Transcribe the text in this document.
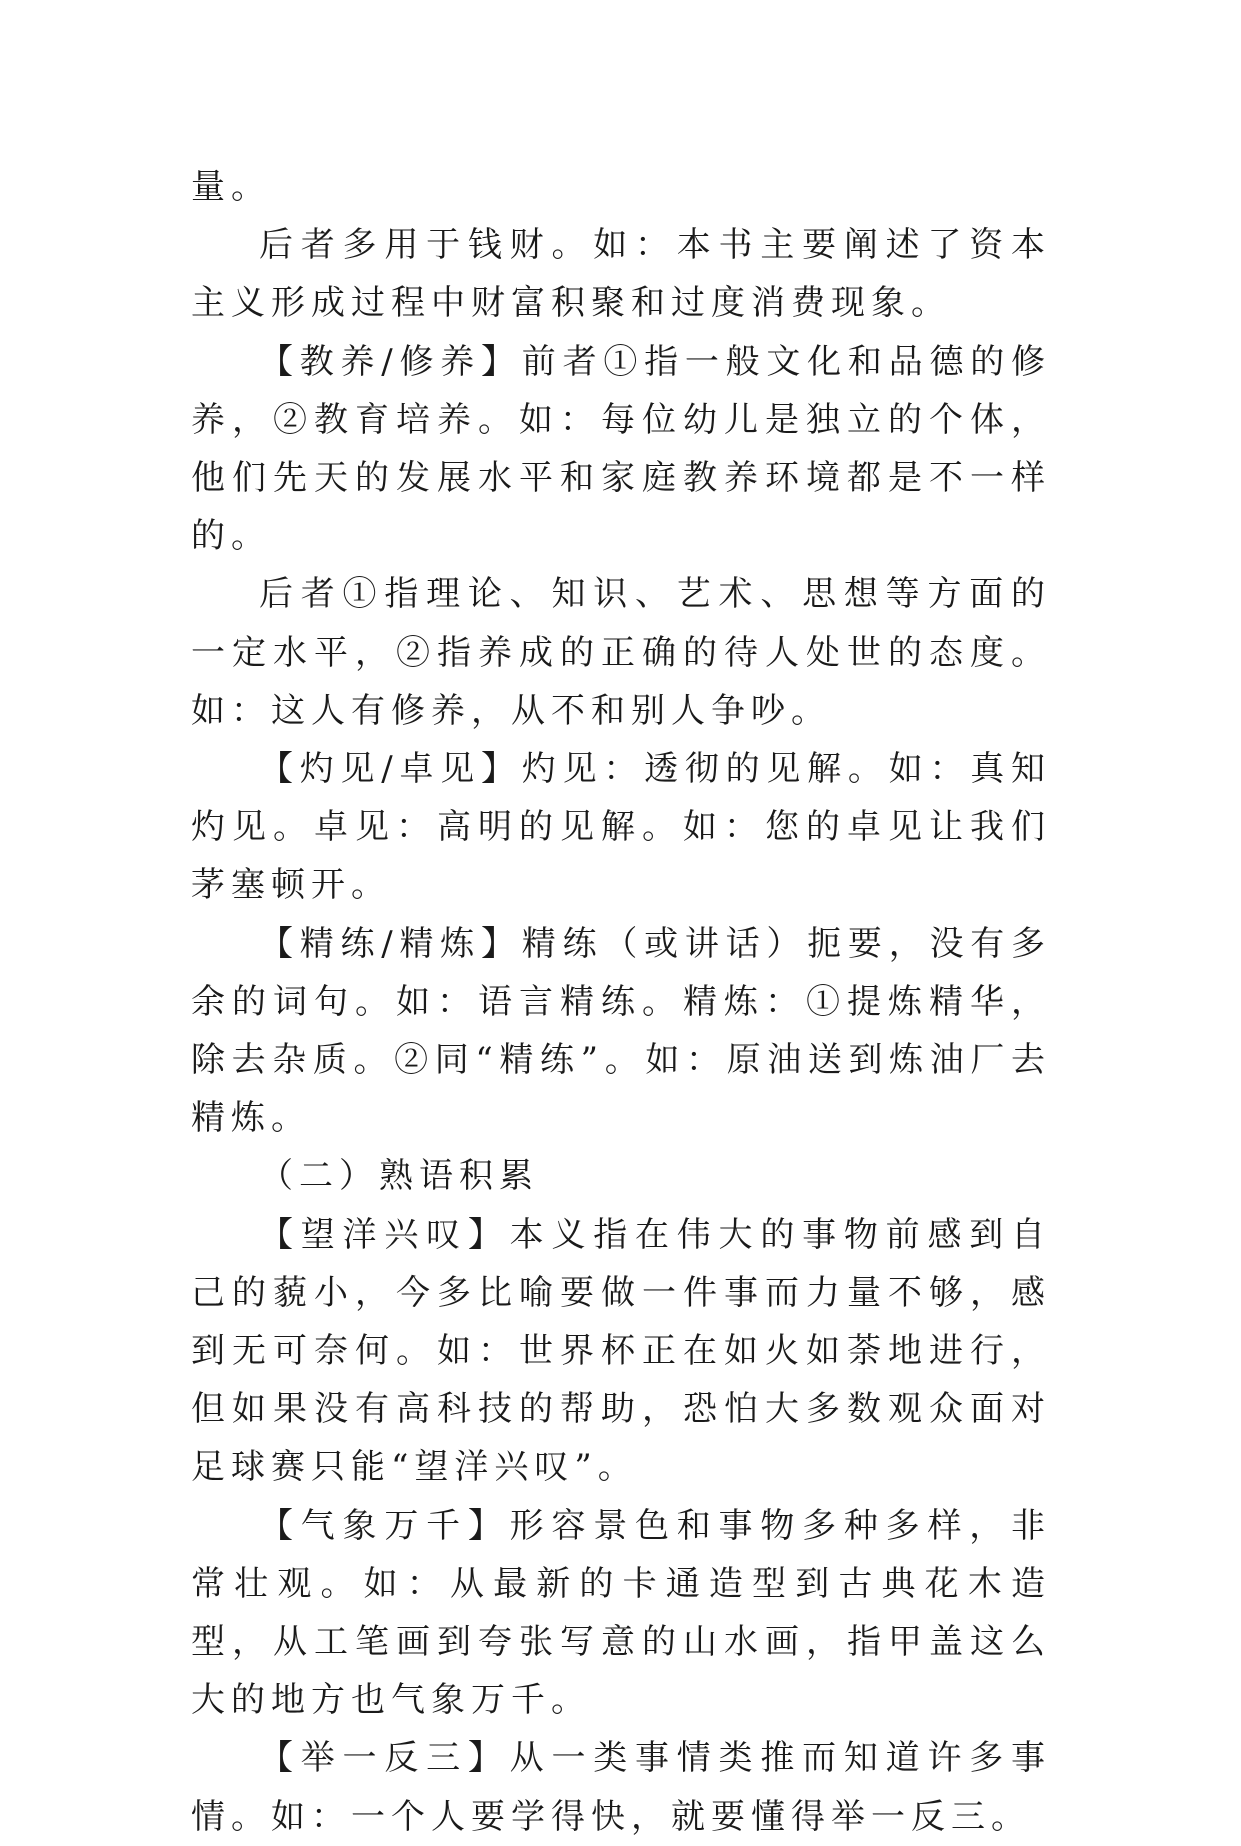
量。

后者多用于钱财。如：本书主要阐述了资本主义形成过程中财富积聚和过度消费现象。

【教养/修养】前者①指一般文化和品德的修养，②教育培养。如：每位幼儿是独立的个体，他们先天的发展水平和家庭教养环境都是不一样的。

后者①指理论、知识、艺术、思想等方面的一定水平，②指养成的正确的待人处世的态度。如：这人有修养，从不和别人争吵。

【灼见/卓见】灼见：透彻的见解。如：真知灼见。卓见：高明的见解。如：您的卓见让我们茅塞顿开。

【精练/精炼】精练（或讲话）扼要，没有多余的词句。如：语言精练。精炼：①提炼精华，除去杂质。②同“精练”。如：原油送到炼油厂去精炼。

（二）熟语积累

【望洋兴叹】本义指在伟大的事物前感到自己的藐小，今多比喻要做一件事而力量不够，感到无可奈何。如：世界杯正在如火如荼地进行，但如果没有高科技的帮助，恐怕大多数观众面对足球赛只能“望洋兴叹”。

【气象万千】形容景色和事物多种多样，非常壮观。如：从最新的卡通造型到古典花木造型，从工笔画到夸张写意的山水画，指甲盖这么大的地方也气象万千。

【举一反三】从一类事情类推而知道许多事情。如：一个人要学得快，就要懂得举一反三。
